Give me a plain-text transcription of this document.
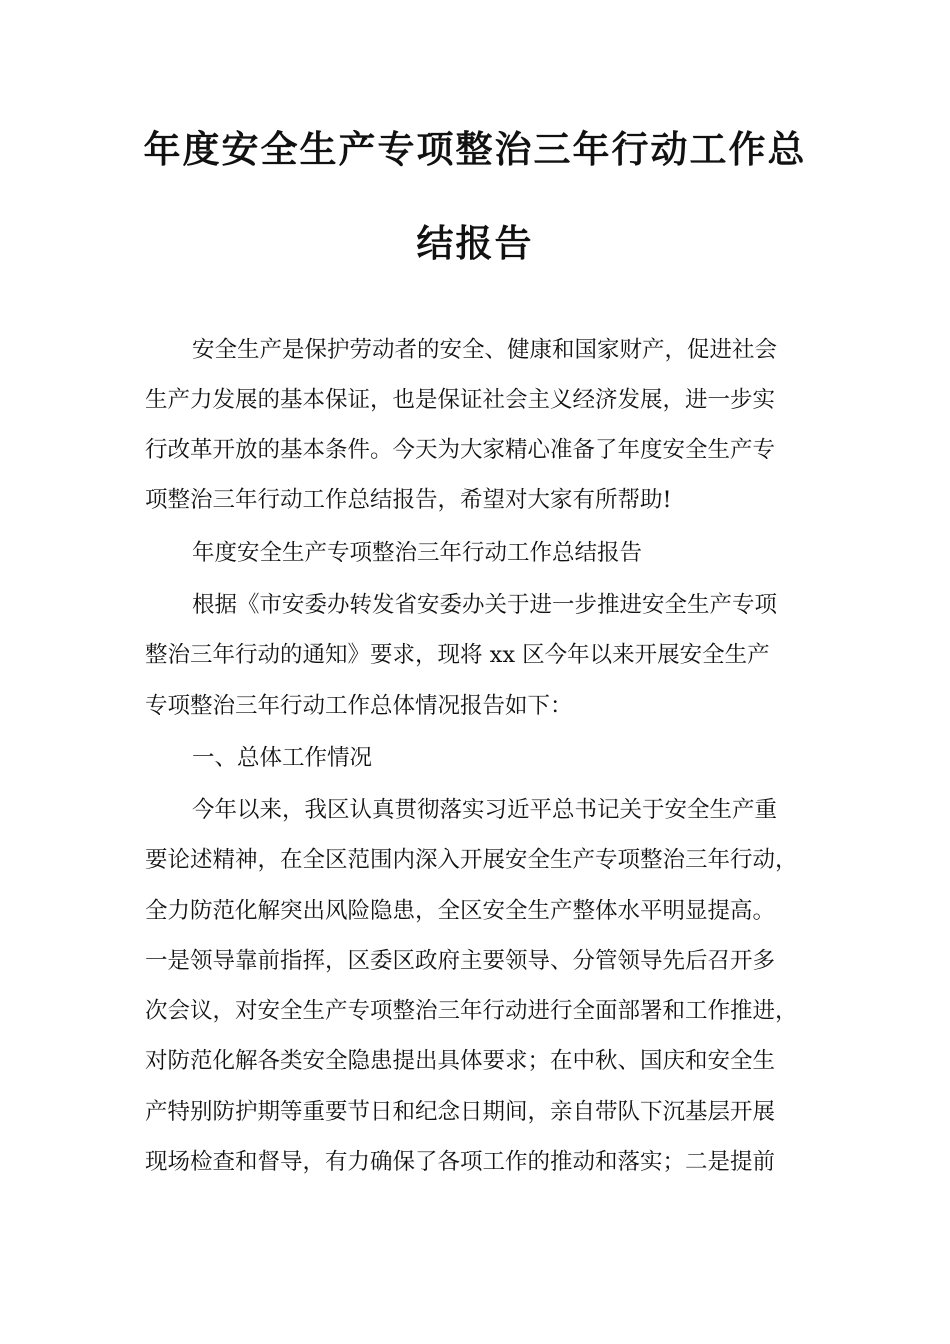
年度安全生产专项整治三年行动工作总
结报告
安全生产是保护劳动者的安全、健康和国家财产，促进社会
生产力发展的基本保证，也是保证社会主义经济发展，进一步实
行改革开放的基本条件。今天为大家精心准备了年度安全生产专
项整治三年行动工作总结报告，希望对大家有所帮助!
年度安全生产专项整治三年行动工作总结报告
根据《市安委办转发省安委办关于进一步推进安全生产专项
整治三年行动的通知》要求，现将 xx 区今年以来开展安全生产
专项整治三年行动工作总体情况报告如下：
一、总体工作情况
今年以来，我区认真贯彻落实习近平总书记关于安全生产重
要论述精神，在全区范围内深入开展安全生产专项整治三年行动，
全力防范化解突出风险隐患，全区安全生产整体水平明显提高。
一是领导靠前指挥，区委区政府主要领导、分管领导先后召开多
次会议，对安全生产专项整治三年行动进行全面部署和工作推进，
对防范化解各类安全隐患提出具体要求；在中秋、国庆和安全生
产特别防护期等重要节日和纪念日期间，亲自带队下沉基层开展
现场检查和督导，有力确保了各项工作的推动和落实；二是提前
